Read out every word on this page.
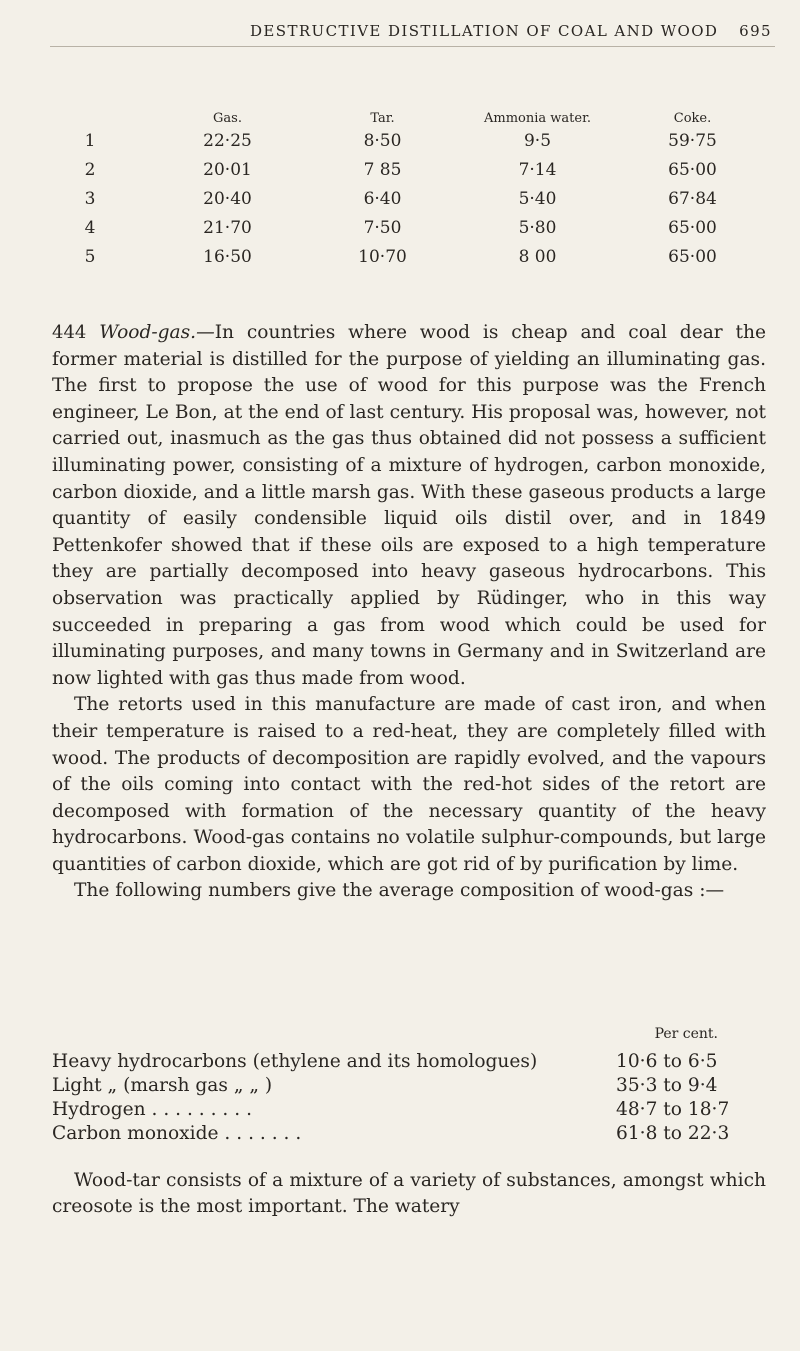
DESTRUCTIVE DISTILLATION OF COAL AND WOOD 695
	Gas.	Tar.	Ammonia water.	Coke.
1	22·25	8·50	9·5	59·75
2	20·01	7 85	7·14	65·00
3	20·40	6·40	5·40	67·84
4	21·70	7·50	5·80	65·00
5	16·50	10·70	8 00	65·00

444 Wood-gas.—In countries where wood is cheap and coal dear the former material is distilled for the purpose of yielding an illuminating gas. The first to propose the use of wood for this purpose was the French engineer, Le Bon, at the end of last century. His proposal was, however, not carried out, inasmuch as the gas thus obtained did not possess a sufficient illuminating power, consisting of a mixture of hydrogen, carbon monoxide, carbon dioxide, and a little marsh gas. With these gaseous products a large quantity of easily condensible liquid oils distil over, and in 1849 Pettenkofer showed that if these oils are exposed to a high temperature they are partially decomposed into heavy gaseous hydrocarbons. This observation was practically applied by Rüdinger, who in this way succeeded in preparing a gas from wood which could be used for illuminating purposes, and many towns in Germany and in Switzerland are now lighted with gas thus made from wood.

The retorts used in this manufacture are made of cast iron, and when their temperature is raised to a red-heat, they are completely filled with wood. The products of decomposition are rapidly evolved, and the vapours of the oils coming into contact with the red-hot sides of the retort are decomposed with formation of the necessary quantity of the heavy hydrocarbons. Wood-gas contains no volatile sulphur-compounds, but large quantities of carbon dioxide, which are got rid of by purification by lime.

The following numbers give the average composition of wood-gas :—

Per cent.
Heavy hydrocarbons (ethylene and its homologues)	10·6 to 6·5
Light „ (marsh gas „ „ )	35·3 to 9·4
Hydrogen . . . . . . . . .	48·7 to 18·7
Carbon monoxide . . . . . . .	61·8 to 22·3

Wood-tar consists of a mixture of a variety of substances, amongst which creosote is the most important. The watery
